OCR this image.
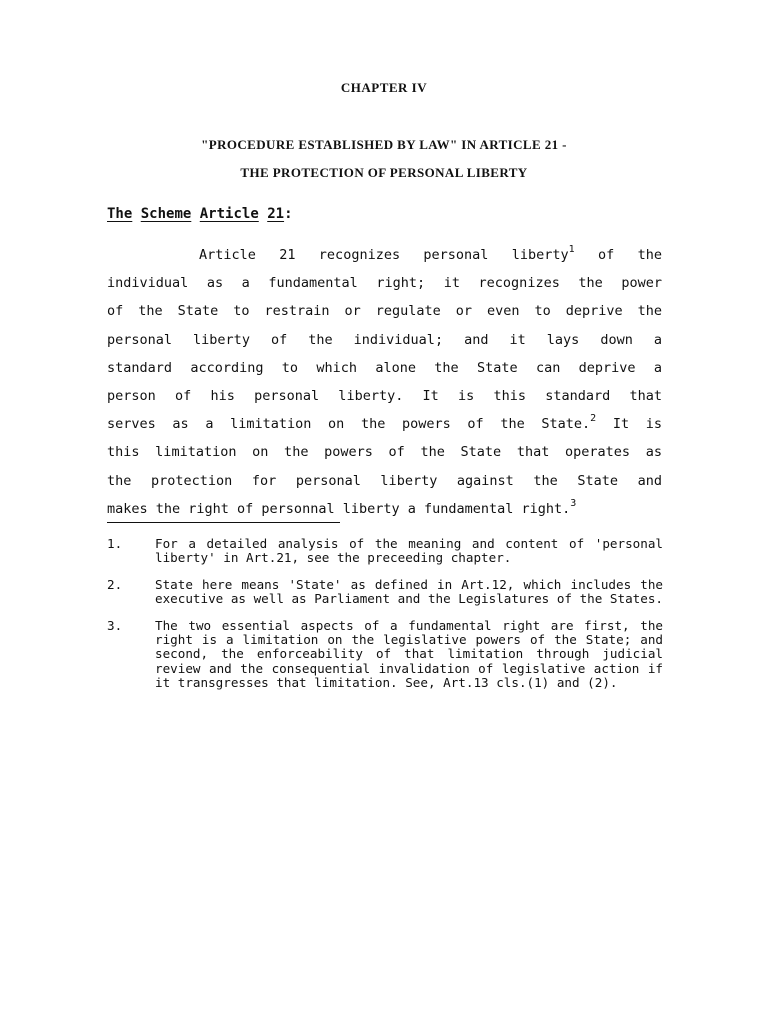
CHAPTER IV
"PROCEDURE ESTABLISHED BY LAW" IN ARTICLE 21 -
THE PROTECTION OF PERSONAL LIBERTY
The Scheme Article 21:
Article 21 recognizes personal liberty$^1$ of the
individual as a fundamental right; it recognizes the power
of the State to restrain or regulate or even to deprive the
personal liberty of the individual; and it lays down a
standard according to which alone the State can deprive a
person of his personal liberty. It is this standard that
serves as a limitation on the powers of the State.$^2$ It is
this limitation on the powers of the State that operates as
the protection for personal liberty against the State and
makes the right of personnal liberty a fundamental right.$^3$
1.	For a detailed analysis of the meaning and content of 'personal liberty' in Art.21, see the preceeding chapter.
2.	State here means 'State' as defined in Art.12, which includes the executive as well as Parliament and the Legislatures of the States.
3.	The two essential aspects of a fundamental right are first, the right is a limitation on the legislative powers of the State; and second, the enforceability of that limitation through judicial review and the consequential invalidation of legislative action if it transgresses that limitation. See, Art.13 cls.(1) and (2).
